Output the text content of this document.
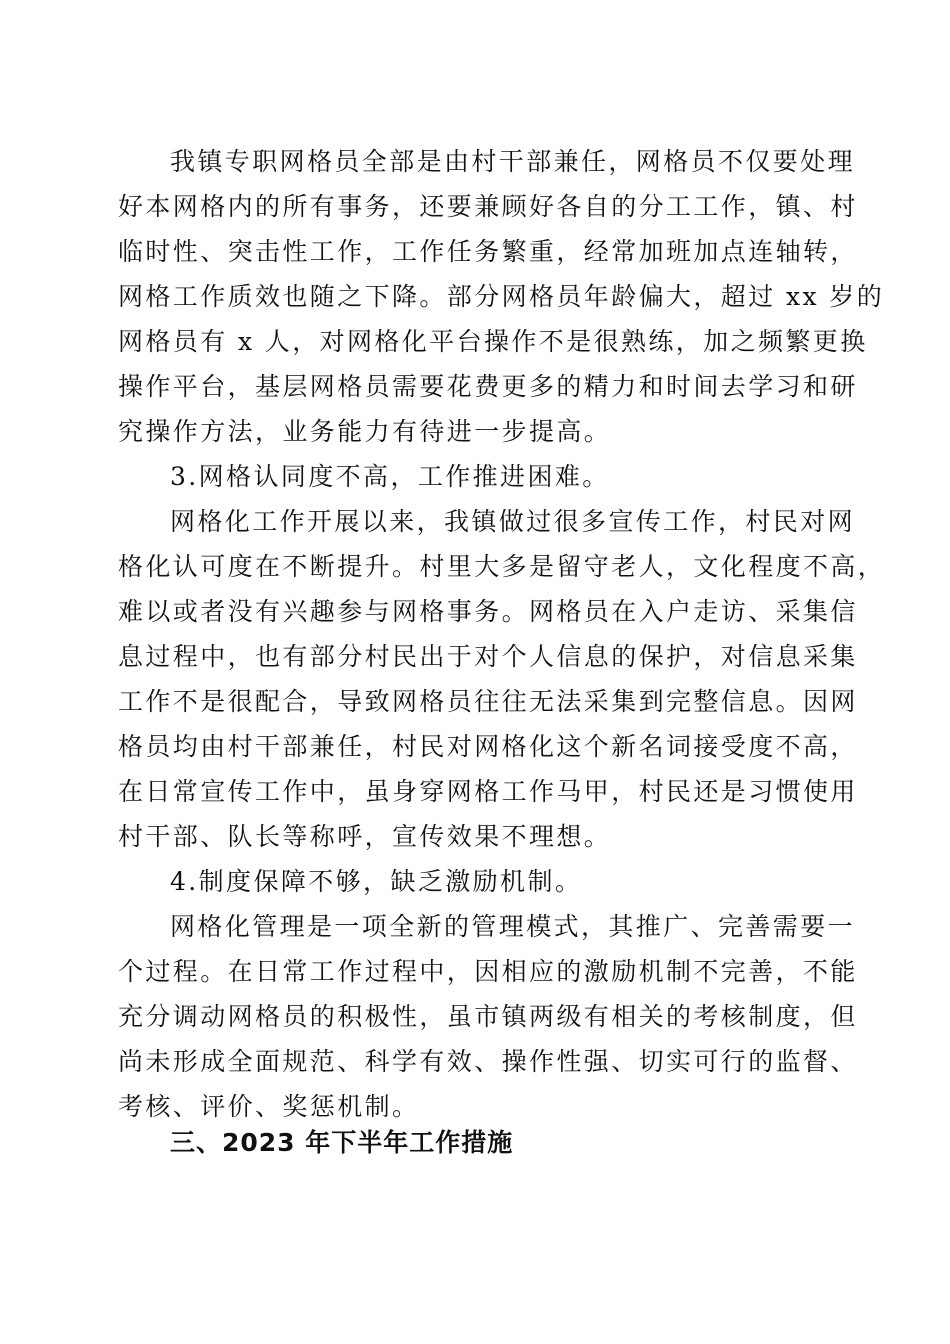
我镇专职网格员全部是由村干部兼任，网格员不仅要处理
好本网格内的所有事务，还要兼顾好各自的分工工作，镇、村
临时性、突击性工作，工作任务繁重，经常加班加点连轴转，
网格工作质效也随之下降。部分网格员年龄偏大，超过 xx 岁的
网格员有 x 人，对网格化平台操作不是很熟练，加之频繁更换
操作平台，基层网格员需要花费更多的精力和时间去学习和研
究操作方法，业务能力有待进一步提高。
3.网格认同度不高，工作推进困难。
网格化工作开展以来，我镇做过很多宣传工作，村民对网
格化认可度在不断提升。村里大多是留守老人，文化程度不高，
难以或者没有兴趣参与网格事务。网格员在入户走访、采集信
息过程中，也有部分村民出于对个人信息的保护，对信息采集
工作不是很配合，导致网格员往往无法采集到完整信息。因网
格员均由村干部兼任，村民对网格化这个新名词接受度不高，
在日常宣传工作中，虽身穿网格工作马甲，村民还是习惯使用
村干部、队长等称呼，宣传效果不理想。
4.制度保障不够，缺乏激励机制。
网格化管理是一项全新的管理模式，其推广、完善需要一
个过程。在日常工作过程中，因相应的激励机制不完善，不能
充分调动网格员的积极性，虽市镇两级有相关的考核制度，但
尚未形成全面规范、科学有效、操作性强、切实可行的监督、
考核、评价、奖惩机制。
三、2023 年下半年工作措施
